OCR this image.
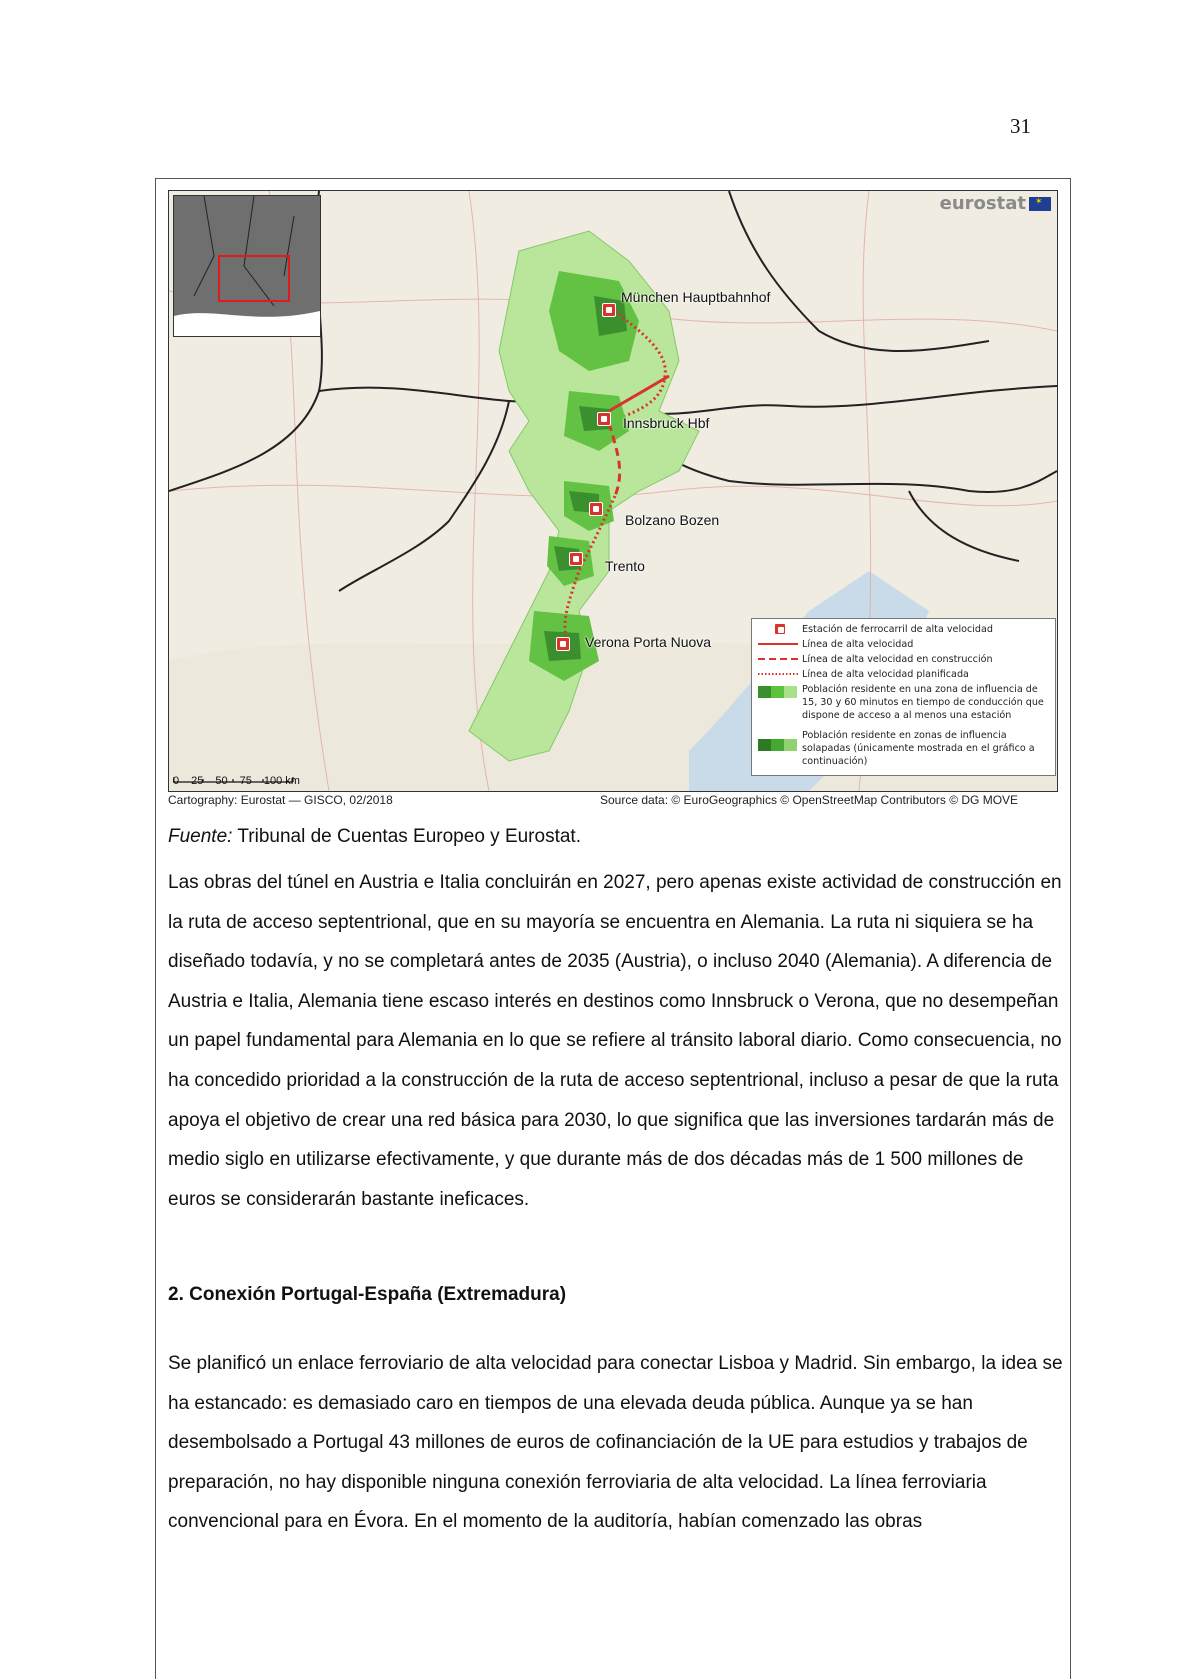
31
eurostat✶
München Hauptbahnhof
Innsbruck Hbf
Bolzano Bozen
Trento
Verona Porta Nuova
0 25 50 75 100 km
Estación de ferrocarril de alta velocidad
Línea de alta velocidad
Línea de alta velocidad en construcción
Línea de alta velocidad planificada
Población residente en una zona de influencia de 15, 30 y 60 minutos en tiempo de conducción que dispone de acceso a al menos una estación
Población residente en zonas de influencia solapadas (únicamente mostrada en el gráfico a continuación)
Cartography: Eurostat — GISCO, 02/2018	Source data: © EuroGeographics © OpenStreetMap Contributors © DG MOVE

Fuente: Tribunal de Cuentas Europeo y Eurostat.

Las obras del túnel en Austria e Italia concluirán en 2027, pero apenas existe actividad de construcción en la ruta de acceso septentrional, que en su mayoría se encuentra en Alemania. La ruta ni siquiera se ha diseñado todavía, y no se completará antes de 2035 (Austria), o incluso 2040 (Alemania). A diferencia de Austria e Italia, Alemania tiene escaso interés en destinos como Innsbruck o Verona, que no desempeñan un papel fundamental para Alemania en lo que se refiere al tránsito laboral diario. Como consecuencia, no ha concedido prioridad a la construcción de la ruta de acceso septentrional, incluso a pesar de que la ruta apoya el objetivo de crear una red básica para 2030, lo que significa que las inversiones tardarán más de medio siglo en utilizarse efectivamente, y que durante más de dos décadas más de 1 500 millones de euros se considerarán bastante ineficaces.

2. Conexión Portugal-España (Extremadura)

Se planificó un enlace ferroviario de alta velocidad para conectar Lisboa y Madrid. Sin embargo, la idea se ha estancado: es demasiado caro en tiempos de una elevada deuda pública. Aunque ya se han desembolsado a Portugal 43 millones de euros de cofinanciación de la UE para estudios y trabajos de preparación, no hay disponible ninguna conexión ferroviaria de alta velocidad. La línea ferroviaria convencional para en Évora. En el momento de la auditoría, habían comenzado las obras
